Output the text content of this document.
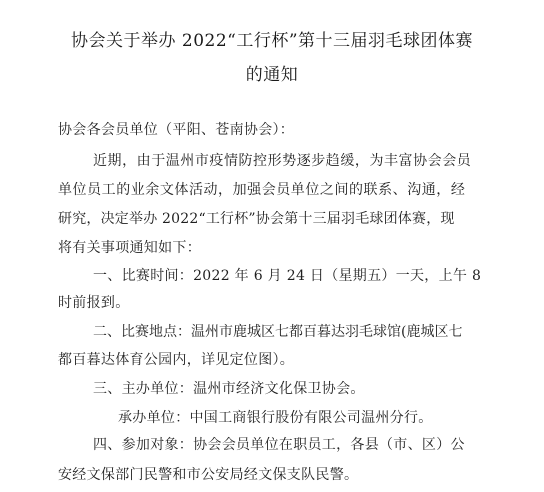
协会关于举办 2022“工行杯”第十三届羽毛球团体赛
的通知
协会各会员单位（平阳、苍南协会）：
近期，由于温州市疫情防控形势逐步趋缓，为丰富协会会员
单位员工的业余文体活动，加强会员单位之间的联系、沟通，经
研究，决定举办 2022“工行杯”协会第十三届羽毛球团体赛，现
将有关事项通知如下：
一、比赛时间：2022 年 6 月 24 日（星期五）一天，上午 8
时前报到。
二、比赛地点：温州市鹿城区七都百暮达羽毛球馆(鹿城区七
都百暮达体育公园内，详见定位图）。
三、主办单位：温州市经济文化保卫协会。
承办单位：中国工商银行股份有限公司温州分行。
四、参加对象：协会会员单位在职员工，各县（市、区）公
安经文保部门民警和市公安局经文保支队民警。
